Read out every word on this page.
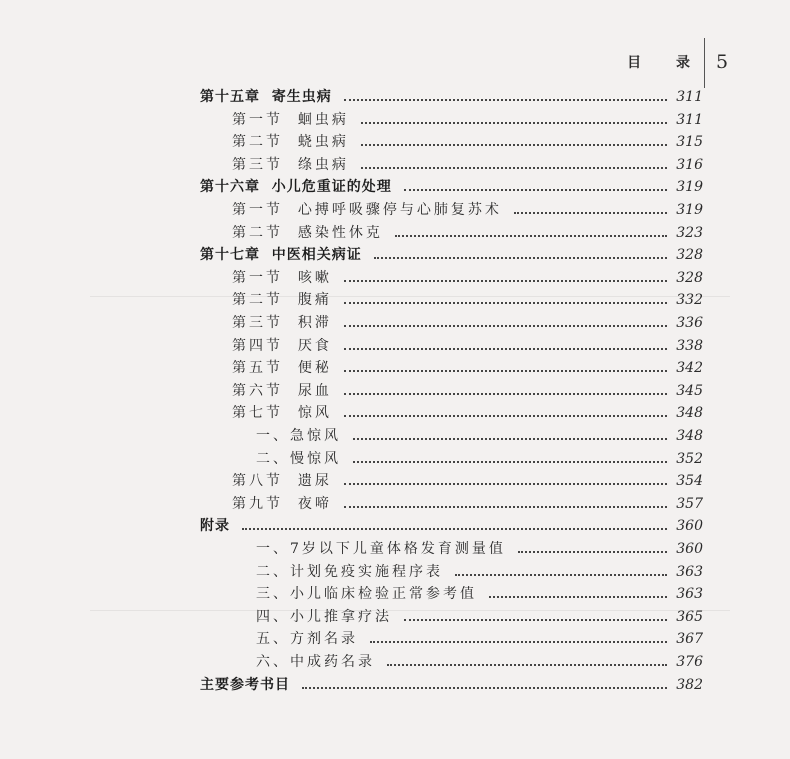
目 录 5
第十五章  寄生虫病	311
第一节  蛔虫病	311
第二节  蛲虫病	315
第三节  绦虫病	316
第十六章  小儿危重证的处理	319
第一节  心搏呼吸骤停与心肺复苏术	319
第二节  感染性休克	323
第十七章  中医相关病证	328
第一节  咳嗽	328
第二节  腹痛	332
第三节  积滞	336
第四节  厌食	338
第五节  便秘	342
第六节  尿血	345
第七节  惊风	348
一、急惊风	348
二、慢惊风	352
第八节  遗尿	354
第九节  夜啼	357
附录	360
一、7岁以下儿童体格发育测量值	360
二、计划免疫实施程序表	363
三、小儿临床检验正常参考值	363
四、小儿推拿疗法	365
五、方剂名录	367
六、中成药名录	376
主要参考书目	382
